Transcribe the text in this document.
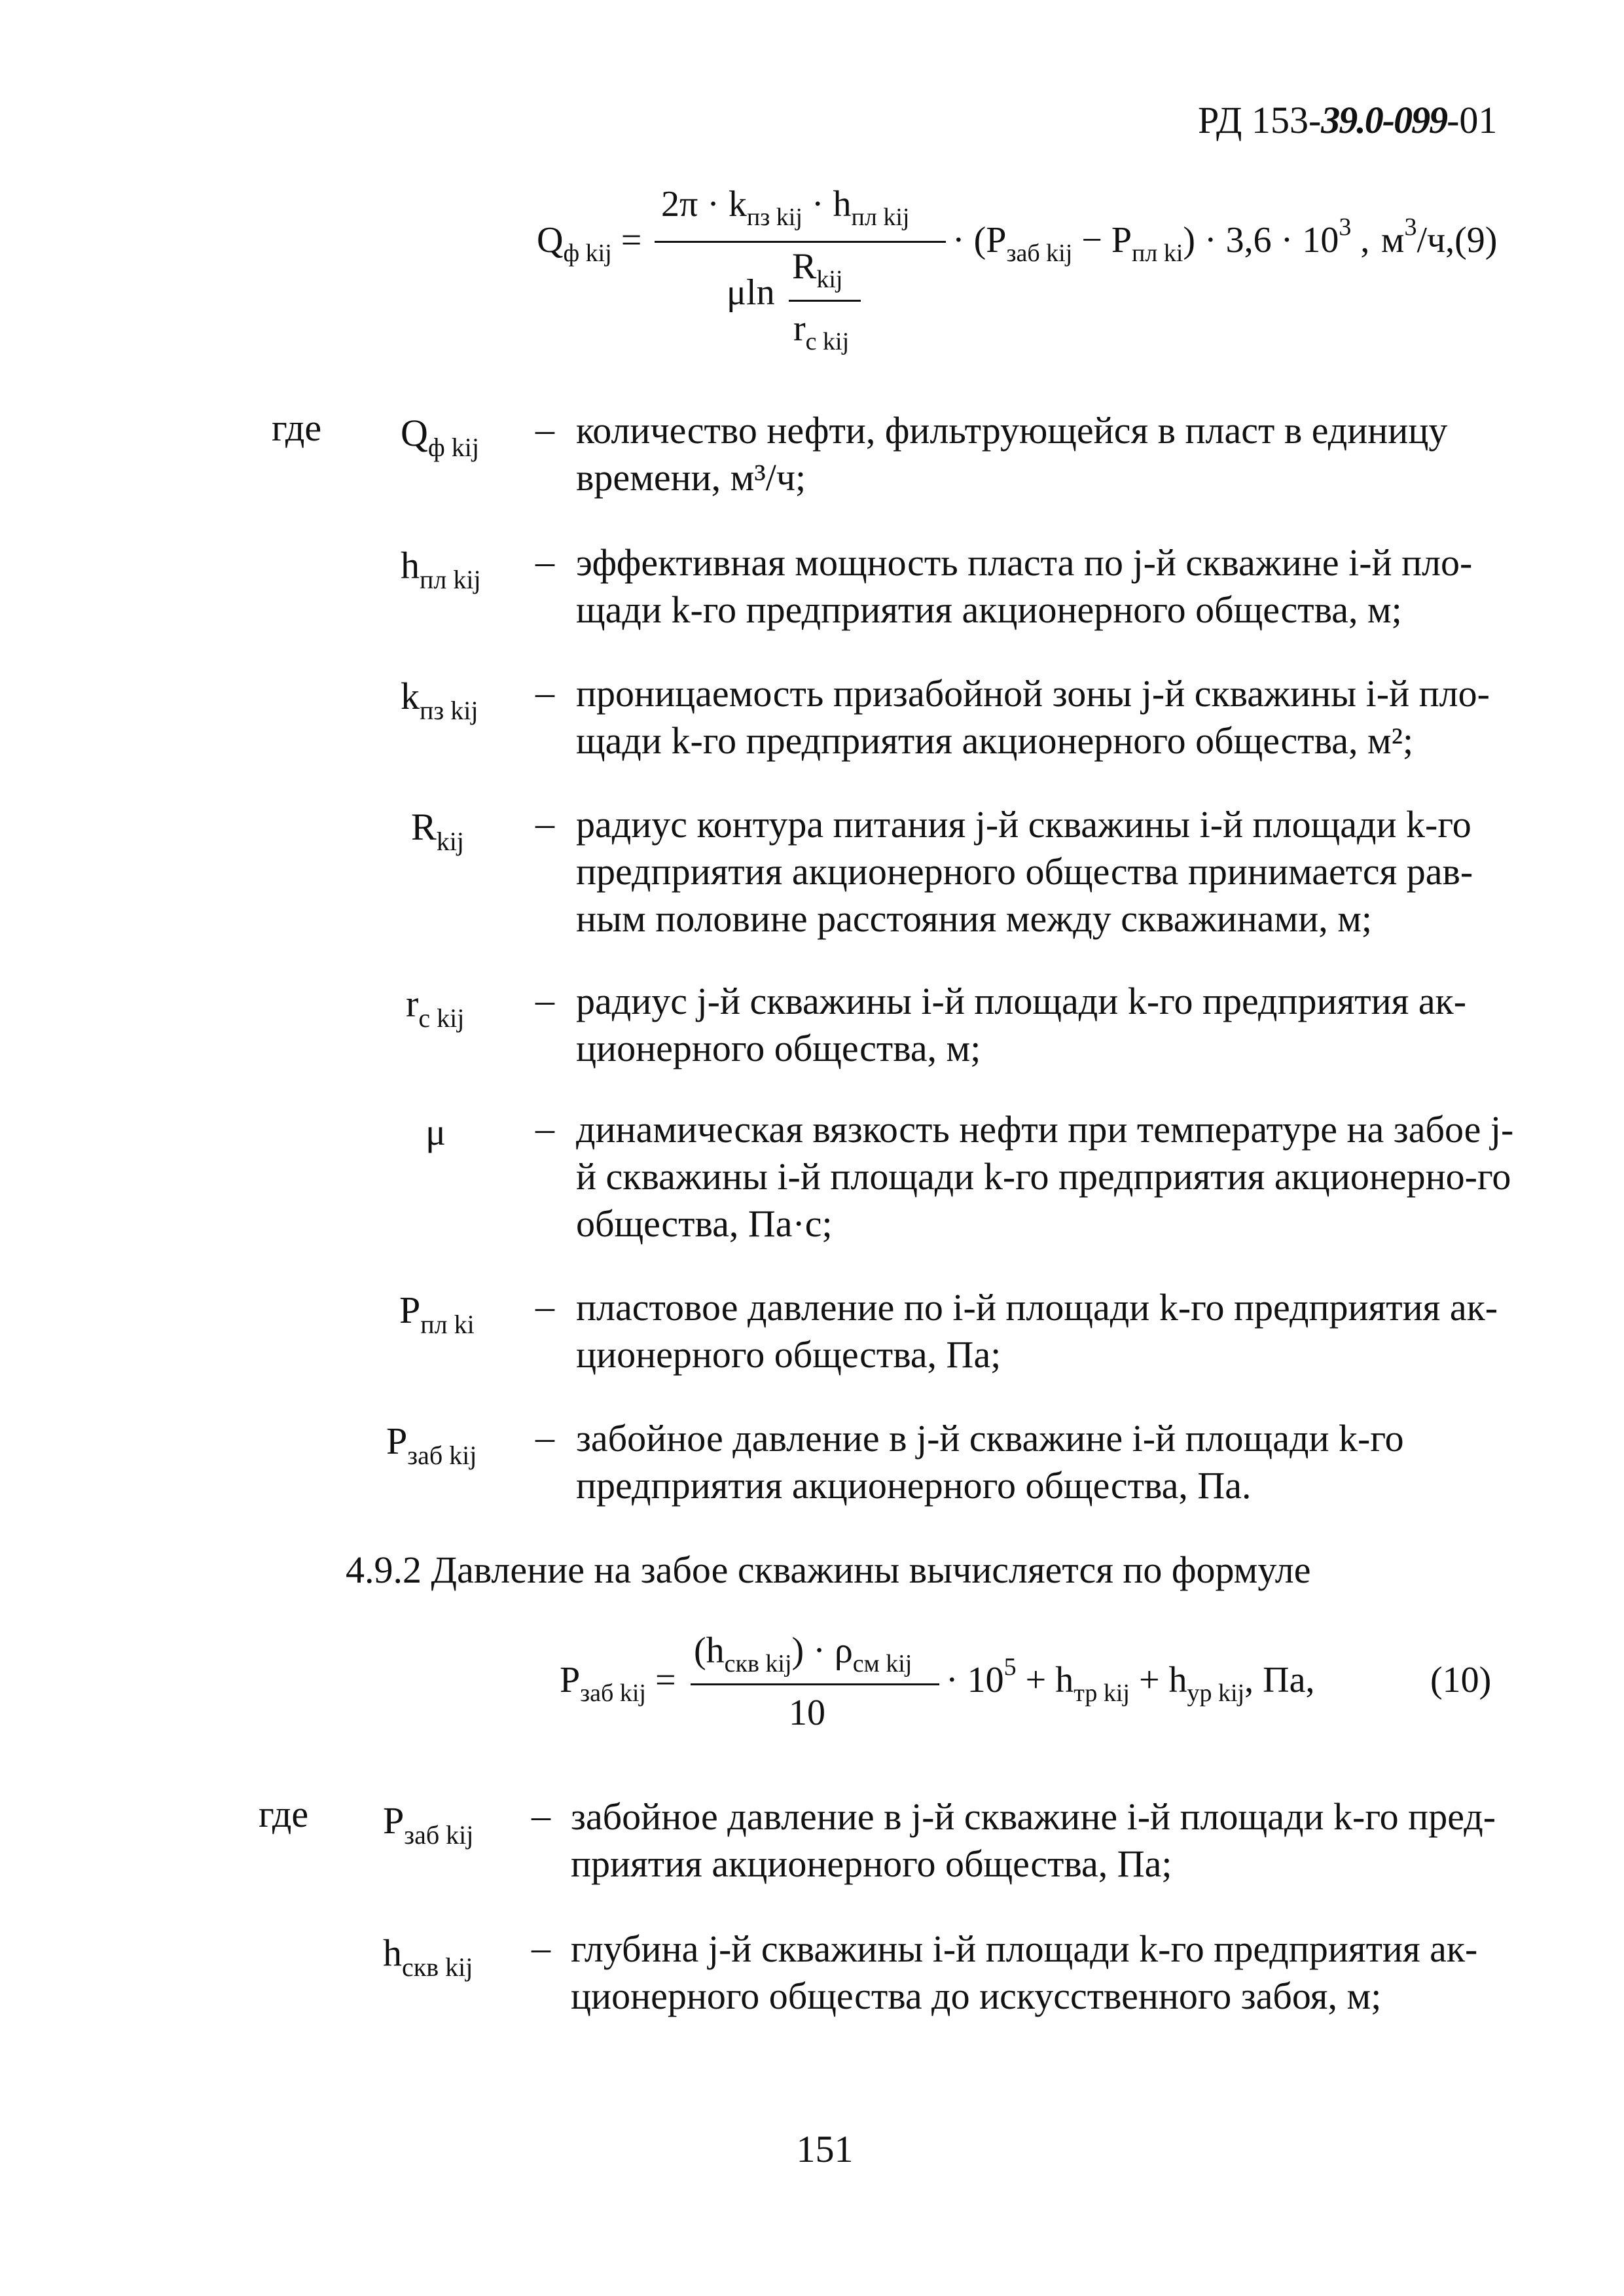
РД 153-39.0-099-01
$Q_{ф kij}$ =
$2\pi \cdot k_{пз kij} \cdot h_{пл kij}$
μln
$R_{kij}$
$r_{c kij}$
· $(P_{заб kij} - P_{пл ki}) \cdot 3,6 \cdot 10^3$ , $м^3/ч,(9)$
где $Q_{ф kij}$ – количество нефти, фильтрующейся в пласт в единицу времени, м³/ч;
$h_{пл kij}$ – эффективная мощность пласта по j-й скважине i-й пло-щади k-го предприятия акционерного общества, м;
$k_{пз kij}$ – проницаемость призабойной зоны j-й скважины i-й пло-щади k-го предприятия акционерного общества, м²;
$R_{kij}$ – радиус контура питания j-й скважины i-й площади k-го предприятия акционерного общества принимается рав-ным половине расстояния между скважинами, м;
$r_{c kij}$ – радиус j-й скважины i-й площади k-го предприятия ак-ционерного общества, м;
μ – динамическая вязкость нефти при температуре на забое j-й скважины i-й площади k-го предприятия акционерно-го общества, Па·с;
$P_{пл ki}$ – пластовое давление по i-й площади k-го предприятия ак-ционерного общества, Па;
$P_{заб kij}$ – забойное давление в j-й скважине i-й площади k-го предприятия акционерного общества, Па.
4.9.2 Давление на забое скважины вычисляется по формуле
$P_{заб kij}$ =
$(h_{скв kij}) \cdot \rho_{см kij}$
10
· $10^5 + h_{тр kij} + h_{ур kij}$, Па,	(10)
где $P_{заб kij}$ – забойное давление в j-й скважине i-й площади k-го пред-приятия акционерного общества, Па;
$h_{скв kij}$ – глубина j-й скважины i-й площади k-го предприятия ак-ционерного общества до искусственного забоя, м;
151
